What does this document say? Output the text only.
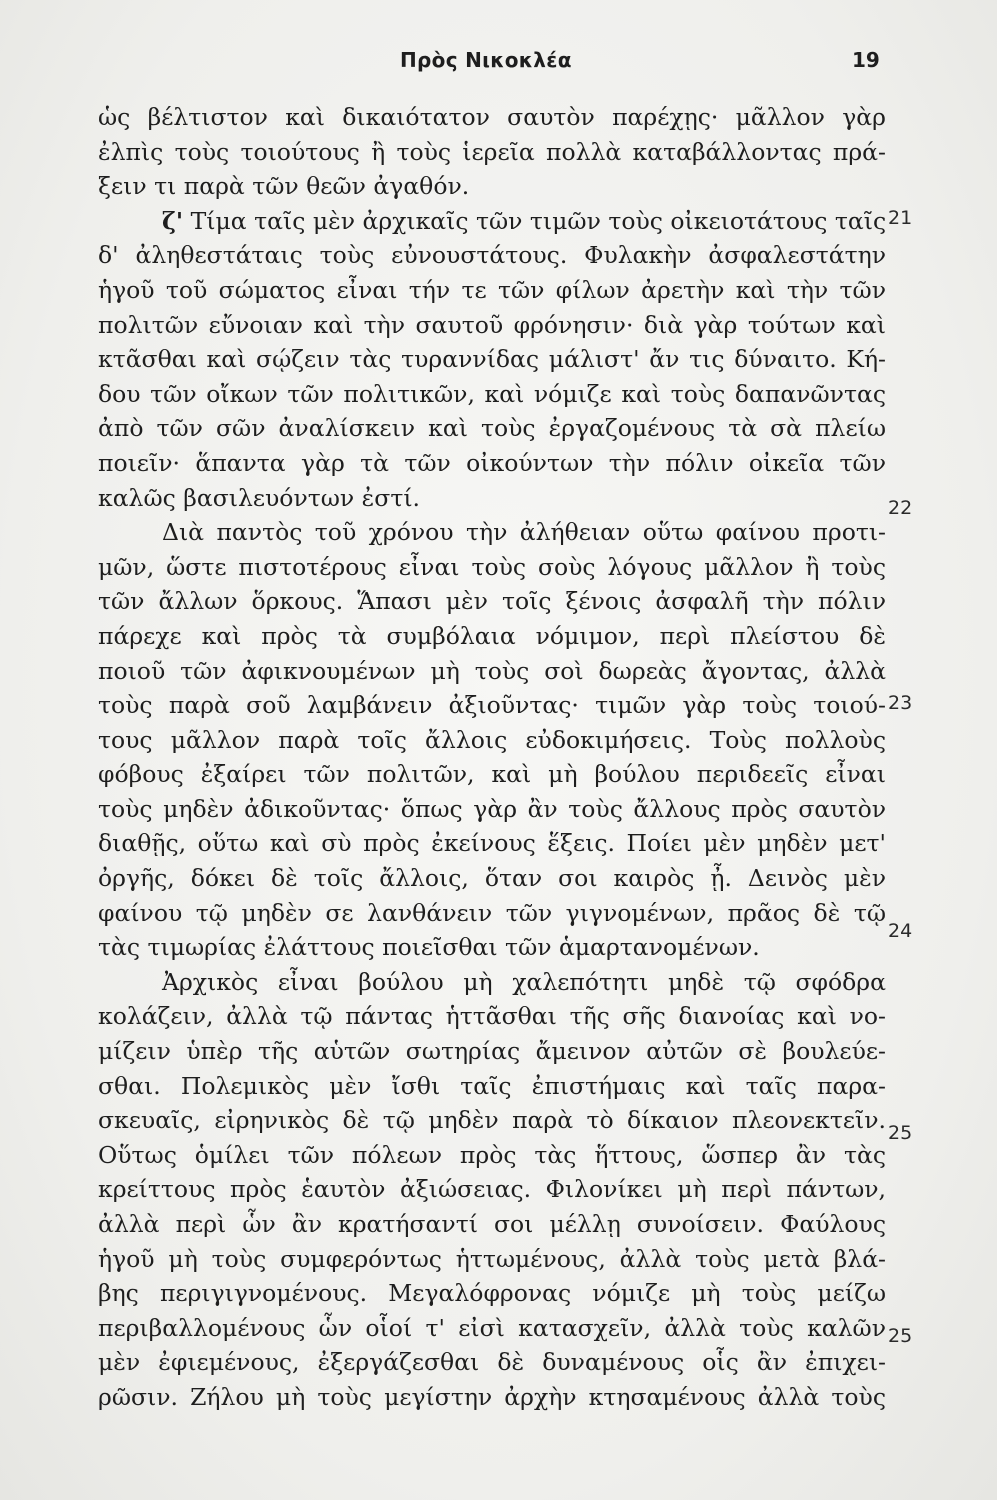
Πρὸς Νικοκλέα	19
ὡς βέλτιστον καὶ δικαιότατον σαυτὸν παρέχῃς· μᾶλλον γὰρ
ἐλπὶς τοὺς τοιούτους ἢ τοὺς ἱερεῖα πολλὰ καταβάλλοντας πρά-
ξειν τι παρὰ τῶν θεῶν ἀγαθόν.
ζ' Τίμα ταῖς μὲν ἀρχικαῖς τῶν τιμῶν τοὺς οἰκειοτάτους ταῖς
δ' ἀληθεστάταις τοὺς εὐνουστάτους. Φυλακὴν ἀσφαλεστάτην
ἡγοῦ τοῦ σώματος εἶναι τήν τε τῶν φίλων ἀρετὴν καὶ τὴν τῶν
πολιτῶν εὔνοιαν καὶ τὴν σαυτοῦ φρόνησιν· διὰ γὰρ τούτων καὶ
κτᾶσθαι καὶ σῴζειν τὰς τυραννίδας μάλιστ' ἄν τις δύναιτο. Κή-
δου τῶν οἴκων τῶν πολιτικῶν, καὶ νόμιζε καὶ τοὺς δαπανῶντας
ἀπὸ τῶν σῶν ἀναλίσκειν καὶ τοὺς ἐργαζομένους τὰ σὰ πλείω
ποιεῖν· ἅπαντα γὰρ τὰ τῶν οἰκούντων τὴν πόλιν οἰκεῖα τῶν
καλῶς βασιλευόντων ἐστί.
Διὰ παντὸς τοῦ χρόνου τὴν ἀλήθειαν οὕτω φαίνου προτι-
μῶν, ὥστε πιστοτέρους εἶναι τοὺς σοὺς λόγους μᾶλλον ἢ τοὺς
τῶν ἄλλων ὅρκους. Ἅπασι μὲν τοῖς ξένοις ἀσφαλῆ τὴν πόλιν
πάρεχε καὶ πρὸς τὰ συμβόλαια νόμιμον, περὶ πλείστου δὲ
ποιοῦ τῶν ἀφικνουμένων μὴ τοὺς σοὶ δωρεὰς ἄγοντας, ἀλλὰ
τοὺς παρὰ σοῦ λαμβάνειν ἀξιοῦντας· τιμῶν γὰρ τοὺς τοιού-
τους μᾶλλον παρὰ τοῖς ἄλλοις εὐδοκιμήσεις. Τοὺς πολλοὺς
φόβους ἐξαίρει τῶν πολιτῶν, καὶ μὴ βούλου περιδεεῖς εἶναι
τοὺς μηδὲν ἀδικοῦντας· ὅπως γὰρ ἂν τοὺς ἄλλους πρὸς σαυτὸν
διαθῇς, οὕτω καὶ σὺ πρὸς ἐκείνους ἕξεις. Ποίει μὲν μηδὲν μετ'
ὀργῆς, δόκει δὲ τοῖς ἄλλοις, ὅταν σοι καιρὸς ᾖ. Δεινὸς μὲν
φαίνου τῷ μηδὲν σε λανθάνειν τῶν γιγνομένων, πρᾶος δὲ τῷ
τὰς τιμωρίας ἐλάττους ποιεῖσθαι τῶν ἁμαρτανομένων.
Ἀρχικὸς εἶναι βούλου μὴ χαλεπότητι μηδὲ τῷ σφόδρα
κολάζειν, ἀλλὰ τῷ πάντας ἡττᾶσθαι τῆς σῆς διανοίας καὶ νο-
μίζειν ὑπὲρ τῆς αὑτῶν σωτηρίας ἄμεινον αὐτῶν σὲ βουλεύε-
σθαι. Πολεμικὸς μὲν ἴσθι ταῖς ἐπιστήμαις καὶ ταῖς παρα-
σκευαῖς, εἰρηνικὸς δὲ τῷ μηδὲν παρὰ τὸ δίκαιον πλεονεκτεῖν.
Οὕτως ὁμίλει τῶν πόλεων πρὸς τὰς ἥττους, ὥσπερ ἂν τὰς
κρείττους πρὸς ἑαυτὸν ἀξιώσειας. Φιλονίκει μὴ περὶ πάντων,
ἀλλὰ περὶ ὧν ἂν κρατήσαντί σοι μέλλῃ συνοίσειν. Φαύλους
ἡγοῦ μὴ τοὺς συμφερόντως ἡττωμένους, ἀλλὰ τοὺς μετὰ βλά-
βης περιγιγνομένους. Μεγαλόφρονας νόμιζε μὴ τοὺς μείζω
περιβαλλομένους ὧν οἷοί τ' εἰσὶ κατασχεῖν, ἀλλὰ τοὺς καλῶν
μὲν ἐφιεμένους, ἐξεργάζεσθαι δὲ δυναμένους οἷς ἂν ἐπιχει-
ρῶσιν. Ζήλου μὴ τοὺς μεγίστην ἀρχὴν κτησαμένους ἀλλὰ τοὺς
21
22
23
24
25
25
